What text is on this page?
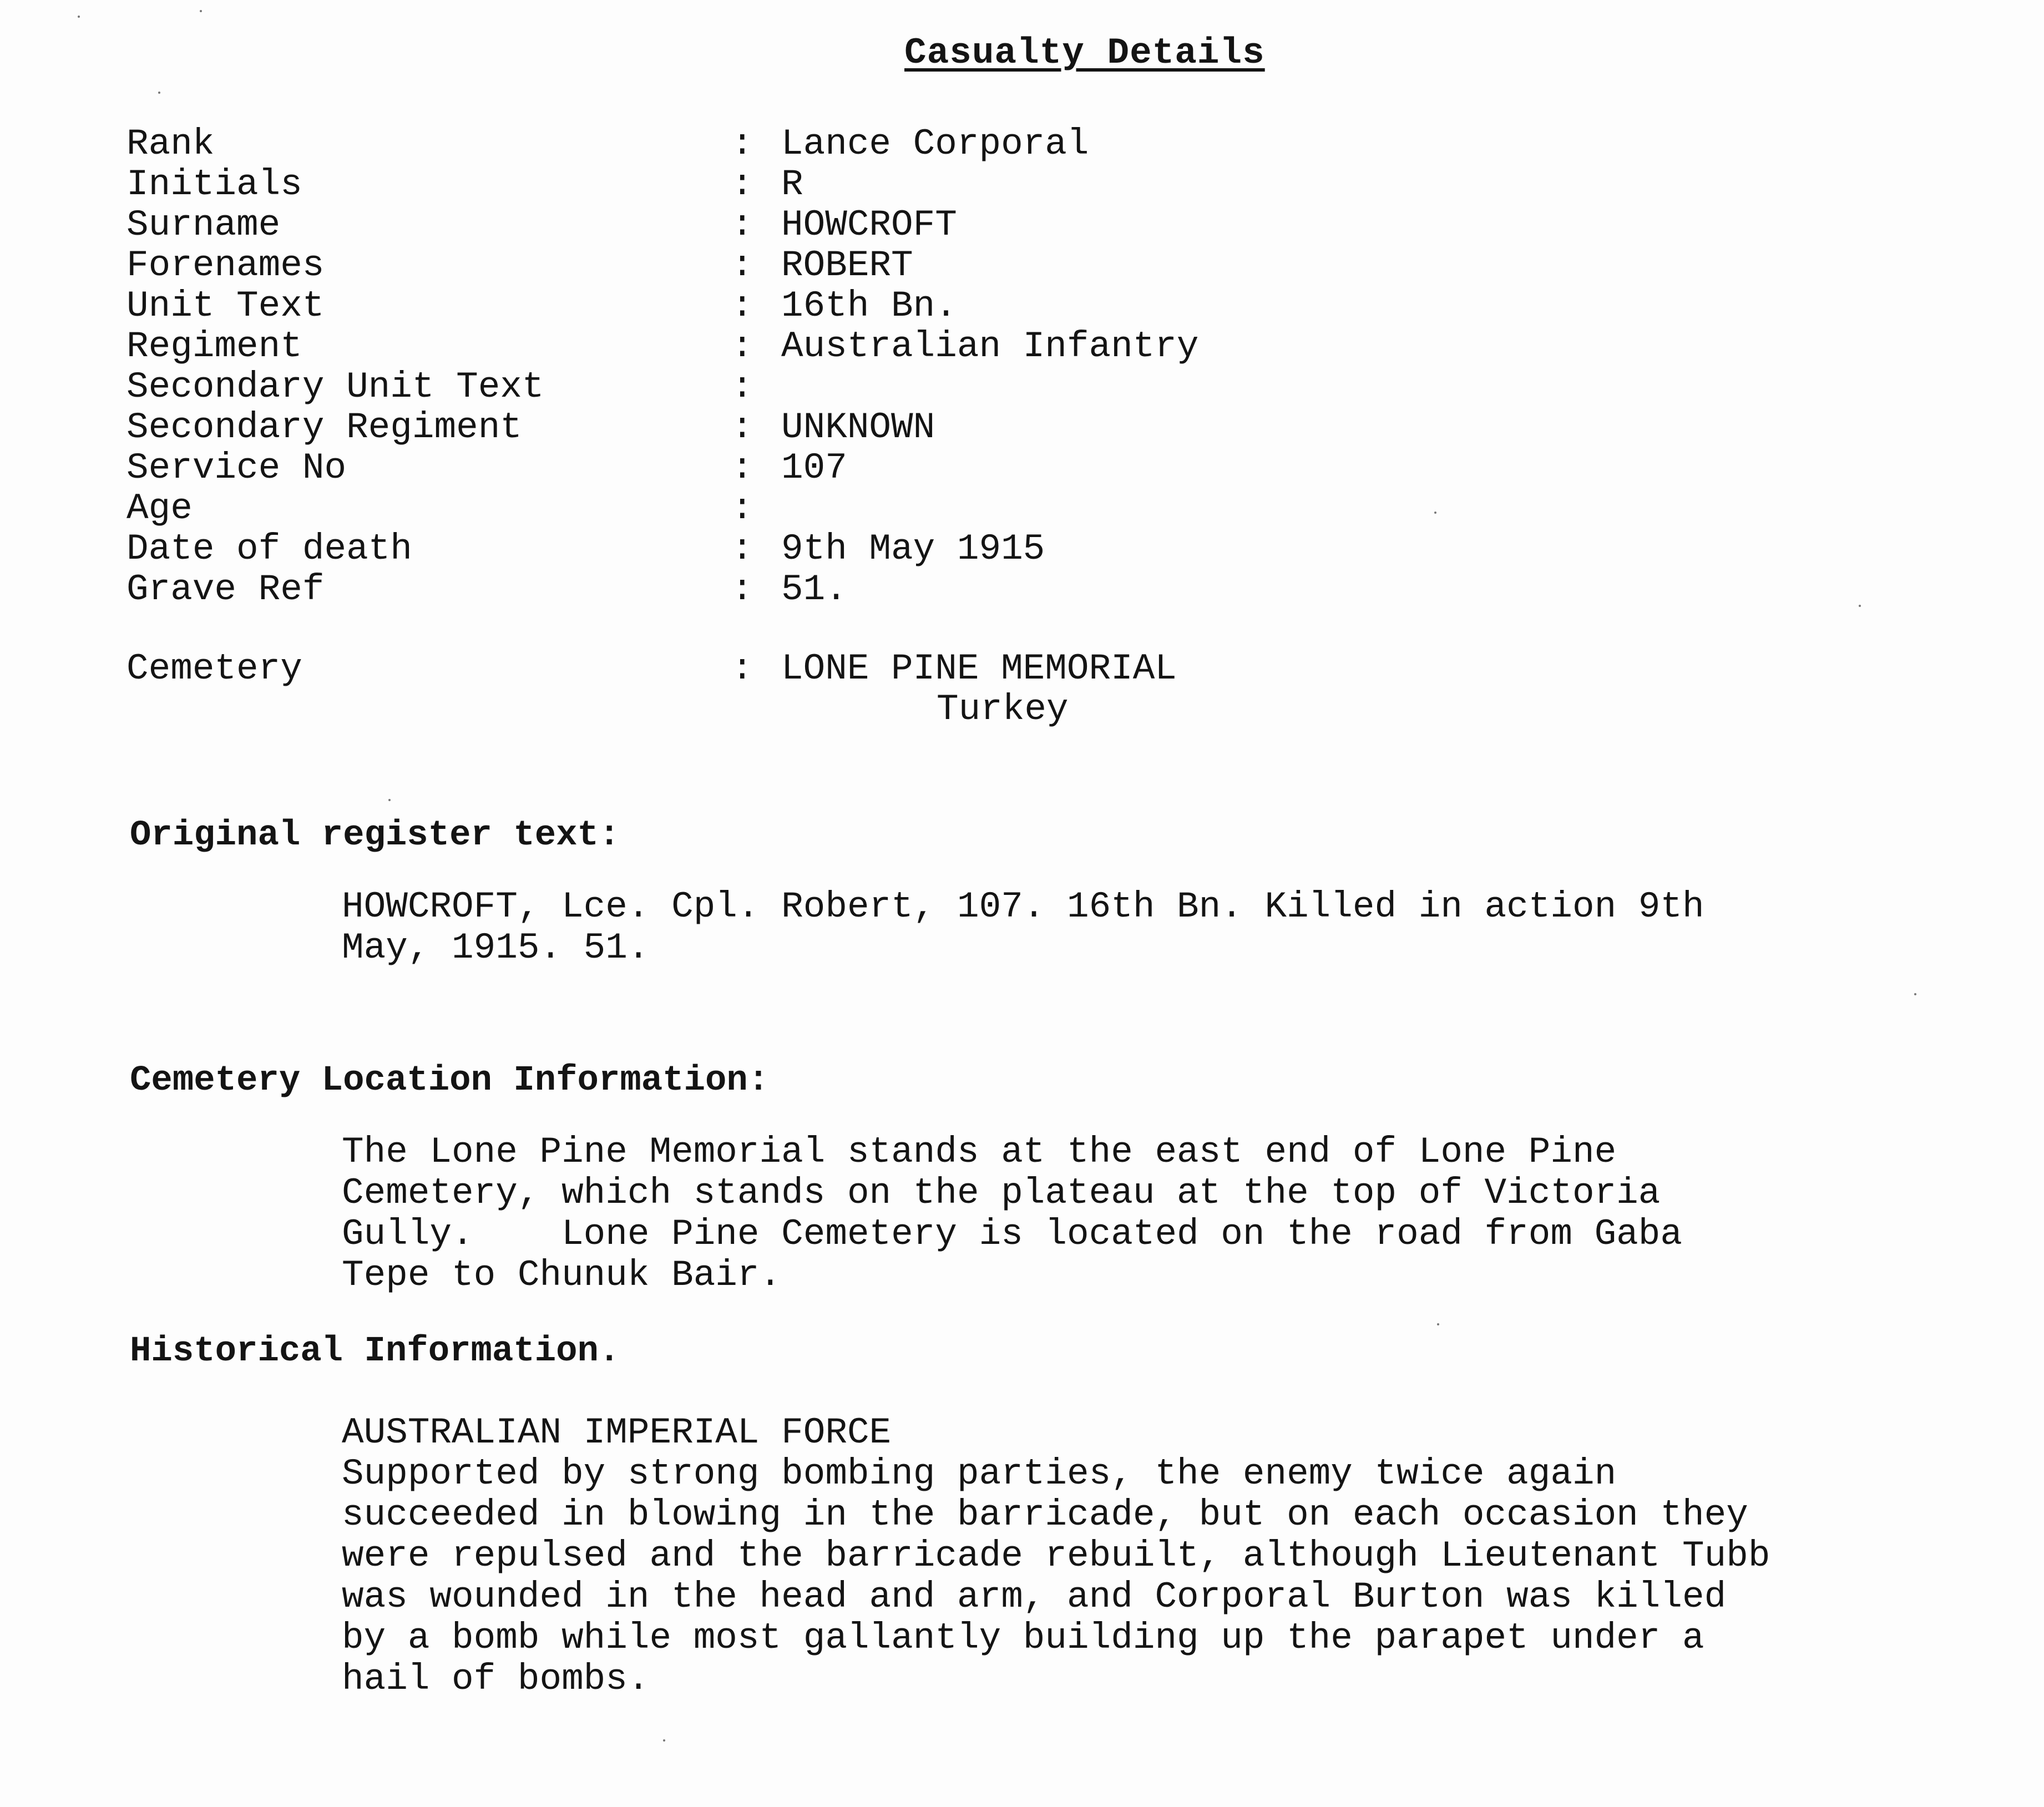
Casualty Details
Rank	: Lance Corporal
Initials	: R
Surname	: HOWCROFT
Forenames	: ROBERT
Unit Text	: 16th Bn.
Regiment	: Australian Infantry
Secondary Unit Text	:
Secondary Regiment	: UNKNOWN
Service No	: 107
Age	:
Date of death	: 9th May 1915
Grave Ref	: 51.
Cemetery	: LONE PINE MEMORIAL
Turkey
Original register text:
HOWCROFT, Lce. Cpl. Robert, 107. 16th Bn. Killed in action 9th
May, 1915. 51.
Cemetery Location Information:
The Lone Pine Memorial stands at the east end of Lone Pine
Cemetery, which stands on the plateau at the top of Victoria
Gully.    Lone Pine Cemetery is located on the road from Gaba
Tepe to Chunuk Bair.
Historical Information.
AUSTRALIAN IMPERIAL FORCE
Supported by strong bombing parties, the enemy twice again
succeeded in blowing in the barricade, but on each occasion they
were repulsed and the barricade rebuilt, although Lieutenant Tubb
was wounded in the head and arm, and Corporal Burton was killed
by a bomb while most gallantly building up the parapet under a
hail of bombs.
